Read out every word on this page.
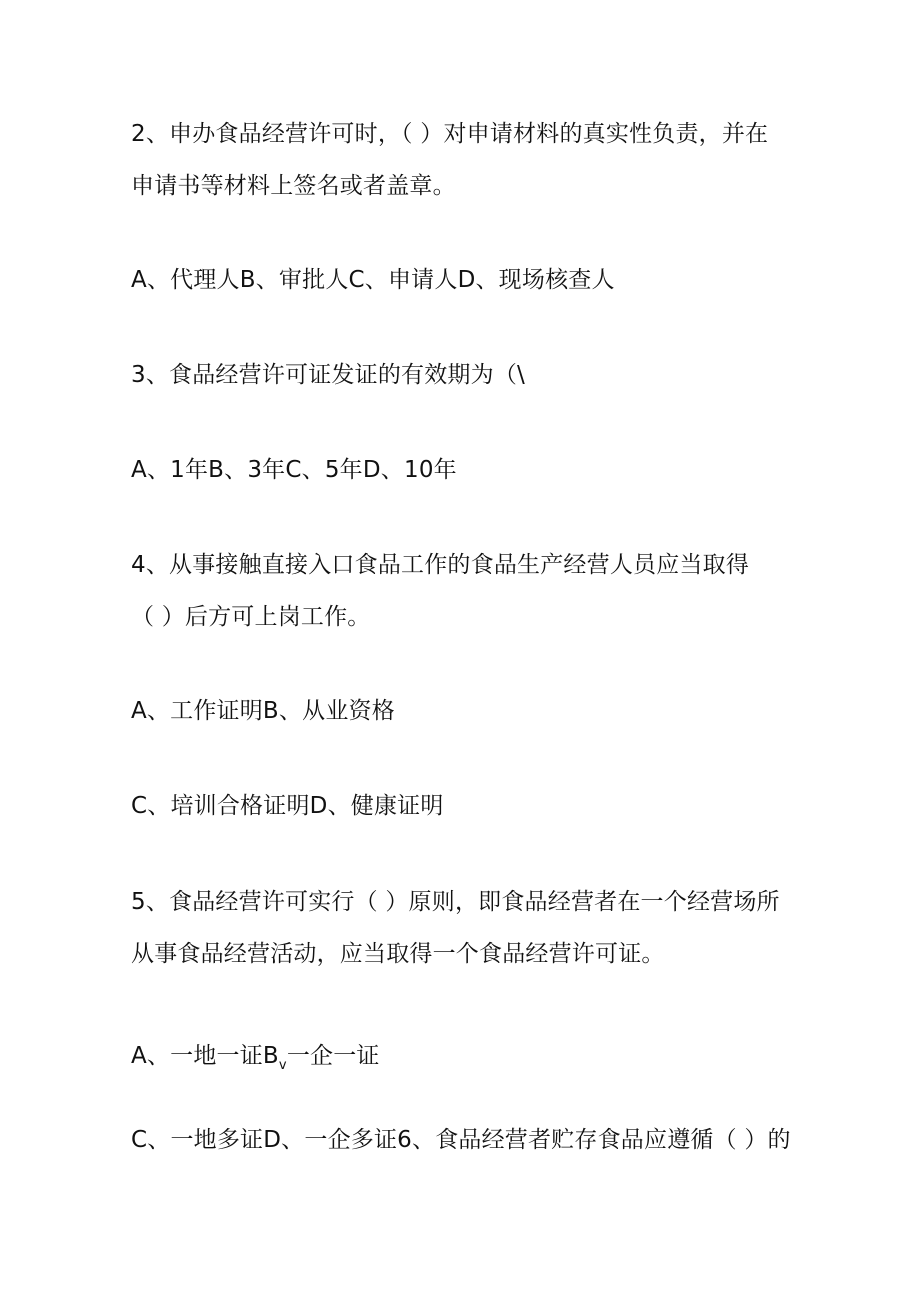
2、申办食品经营许可时，（ ）对申请材料的真实性负责，并在
申请书等材料上签名或者盖章。
A、代理人B、审批人C、申请人D、现场核查人
3、食品经营许可证发证的有效期为（\
A、1年B、3年C、5年D、10年
4、从事接触直接入口食品工作的食品生产经营人员应当取得
（ ）后方可上岗工作。
A、工作证明B、从业资格
C、培训合格证明D、健康证明
5、食品经营许可实行（ ）原则，即食品经营者在一个经营场所
从事食品经营活动，应当取得一个食品经营许可证。
A、一地一证$B_v$一企一证
C、一地多证D、一企多证6、食品经营者贮存食品应遵循（ ）的
